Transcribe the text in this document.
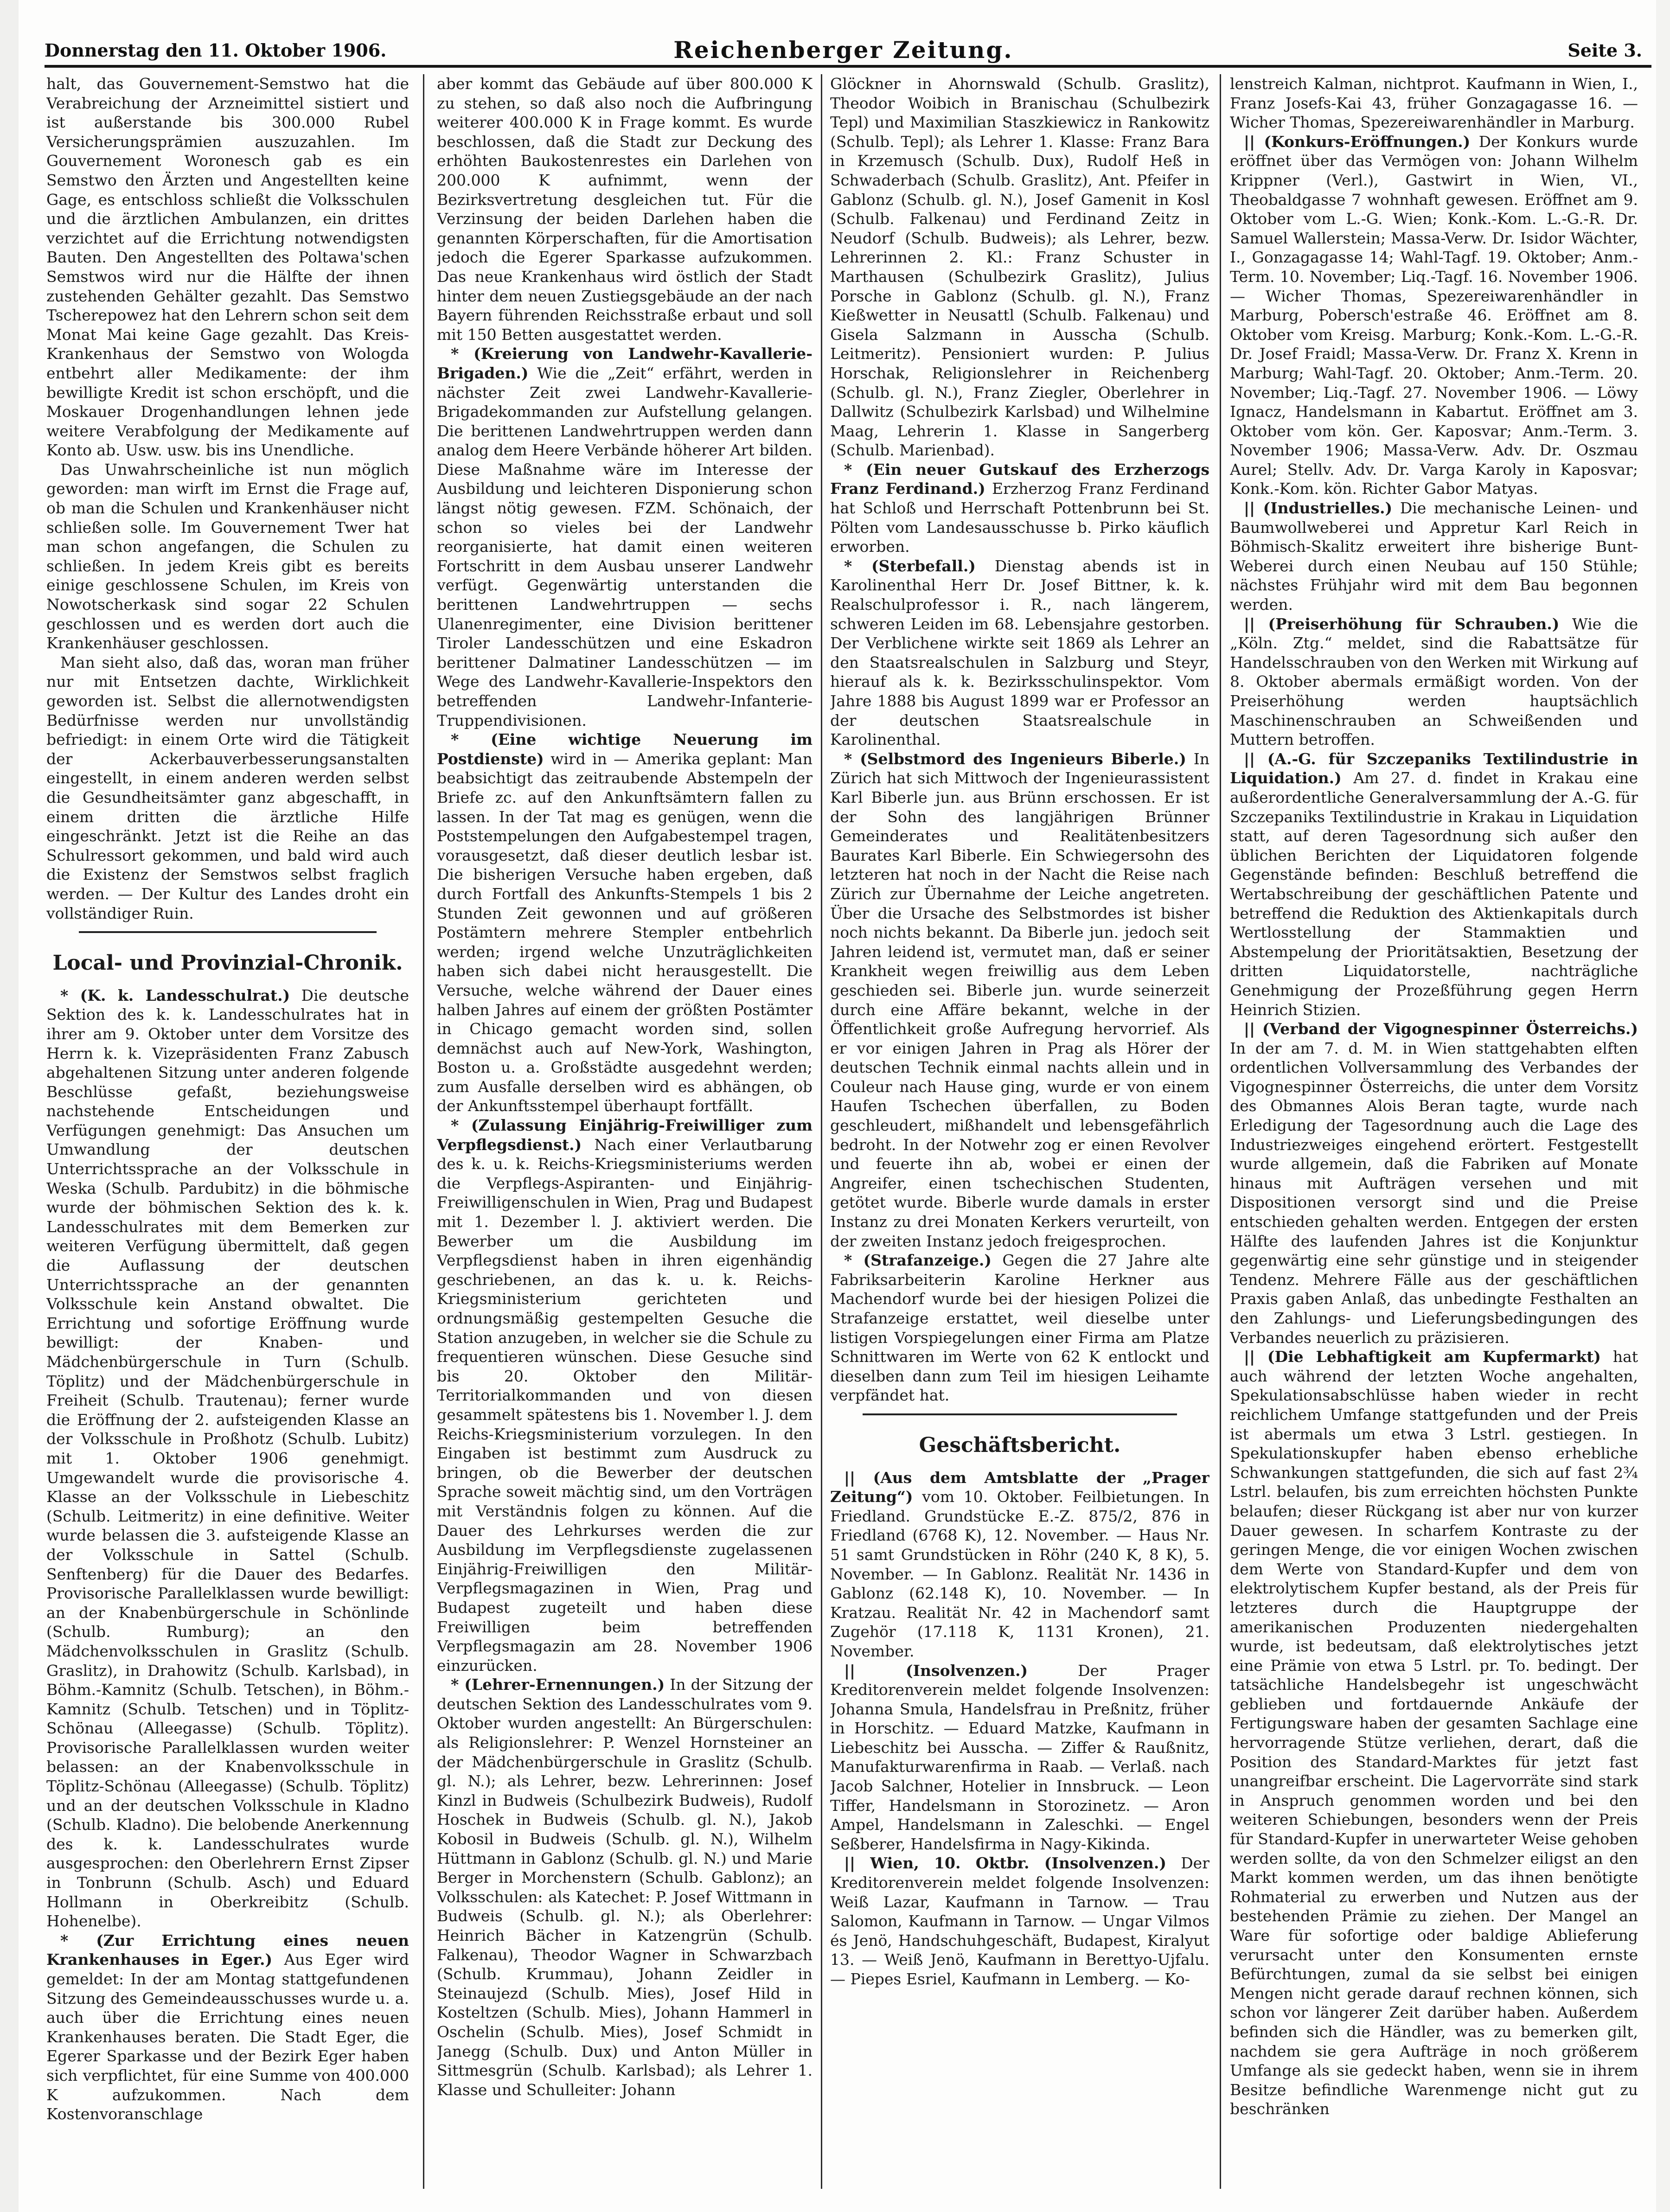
Donnerstag den 11. Oktober 1906.	Reichenberger Zeitung.	Seite 3.

halt, das Gouvernement-Semstwo hat die Verabreichung der Arzneimittel sistiert und ist außerstande bis 300.000 Rubel Versicherungsprämien auszuzahlen. Im Gouvernement Woronesch gab es ein Semstwo den Ärzten und Angestellten keine Gage, es entschloss schließt die Volksschulen und die ärztlichen Ambulanzen, ein drittes verzichtet auf die Errichtung notwendigsten Bauten. Den Angestellten des Poltawa'schen Semstwos wird nur die Hälfte der ihnen zustehenden Gehälter gezahlt. Das Semstwo Tscherepowez hat den Lehrern schon seit dem Monat Mai keine Gage gezahlt. Das Kreis-Krankenhaus der Semstwo von Wologda entbehrt aller Medikamente: der ihm bewilligte Kredit ist schon erschöpft, und die Moskauer Drogenhandlungen lehnen jede weitere Verabfolgung der Medikamente auf Konto ab. Usw. usw. bis ins Unendliche.

Das Unwahrscheinliche ist nun möglich geworden: man wirft im Ernst die Frage auf, ob man die Schulen und Krankenhäuser nicht schließen solle. Im Gouvernement Twer hat man schon angefangen, die Schulen zu schließen. In jedem Kreis gibt es bereits einige geschlossene Schulen, im Kreis von Nowotscherkask sind sogar 22 Schulen geschlossen und es werden dort auch die Krankenhäuser geschlossen.

Man sieht also, daß das, woran man früher nur mit Entsetzen dachte, Wirklichkeit geworden ist. Selbst die allernotwendigsten Bedürfnisse werden nur unvollständig befriedigt: in einem Orte wird die Tätigkeit der Ackerbauverbesserungsanstalten eingestellt, in einem anderen werden selbst die Gesundheitsämter ganz abgeschafft, in einem dritten die ärztliche Hilfe eingeschränkt. Jetzt ist die Reihe an das Schulressort gekommen, und bald wird auch die Existenz der Semstwos selbst fraglich werden. — Der Kultur des Landes droht ein vollständiger Ruin.

Local- und Provinzial-Chronik.

* (K. k. Landesschulrat.) Die deutsche Sektion des k. k. Landesschulrates hat in ihrer am 9. Oktober unter dem Vorsitze des Herrn k. k. Vizepräsidenten Franz Zabusch abgehaltenen Sitzung unter anderen folgende Beschlüsse gefaßt, beziehungsweise nachstehende Entscheidungen und Verfügungen genehmigt: Das Ansuchen um Umwandlung der deutschen Unterrichtssprache an der Volksschule in Weska (Schulb. Pardubitz) in die böhmische wurde der böhmischen Sektion des k. k. Landesschulrates mit dem Bemerken zur weiteren Verfügung übermittelt, daß gegen die Auflassung der deutschen Unterrichtssprache an der genannten Volksschule kein Anstand obwaltet. Die Errichtung und sofortige Eröffnung wurde bewilligt: der Knaben- und Mädchenbürgerschule in Turn (Schulb. Töplitz) und der Mädchenbürgerschule in Freiheit (Schulb. Trautenau); ferner wurde die Eröffnung der 2. aufsteigenden Klasse an der Volksschule in Proßhotz (Schulb. Lubitz) mit 1. Oktober 1906 genehmigt. Umgewandelt wurde die provisorische 4. Klasse an der Volksschule in Liebeschitz (Schulb. Leitmeritz) in eine definitive. Weiter wurde belassen die 3. aufsteigende Klasse an der Volksschule in Sattel (Schulb. Senftenberg) für die Dauer des Bedarfes. Provisorische Parallelklassen wurde bewilligt: an der Knabenbürgerschule in Schönlinde (Schulb. Rumburg); an den Mädchenvolksschulen in Graslitz (Schulb. Graslitz), in Drahowitz (Schulb. Karlsbad), in Böhm.-Kamnitz (Schulb. Tetschen), in Böhm.-Kamnitz (Schulb. Tetschen) und in Töplitz-Schönau (Alleegasse) (Schulb. Töplitz). Provisorische Parallelklassen wurden weiter belassen: an der Knabenvolksschule in Töplitz-Schönau (Alleegasse) (Schulb. Töplitz) und an der deutschen Volksschule in Kladno (Schulb. Kladno). Die belobende Anerkennung des k. k. Landesschulrates wurde ausgesprochen: den Oberlehrern Ernst Zipser in Tonbrunn (Schulb. Asch) und Eduard Hollmann in Oberkreibitz (Schulb. Hohenelbe).

* (Zur Errichtung eines neuen Krankenhauses in Eger.) Aus Eger wird gemeldet: In der am Montag stattgefundenen Sitzung des Gemeindeausschusses wurde u. a. auch über die Errichtung eines neuen Krankenhauses beraten. Die Stadt Eger, die Egerer Sparkasse und der Bezirk Eger haben sich verpflichtet, für eine Summe von 400.000 K aufzukommen. Nach dem Kostenvoranschlage

aber kommt das Gebäude auf über 800.000 K zu stehen, so daß also noch die Aufbringung weiterer 400.000 K in Frage kommt. Es wurde beschlossen, daß die Stadt zur Deckung des erhöhten Baukostenrestes ein Darlehen von 200.000 K aufnimmt, wenn der Bezirksvertretung desgleichen tut. Für die Verzinsung der beiden Darlehen haben die genannten Körperschaften, für die Amortisation jedoch die Egerer Sparkasse aufzukommen. Das neue Krankenhaus wird östlich der Stadt hinter dem neuen Zustiegsgebäude an der nach Bayern führenden Reichsstraße erbaut und soll mit 150 Betten ausgestattet werden.

* (Kreierung von Landwehr-Kavallerie-Brigaden.) Wie die „Zeit“ erfährt, werden in nächster Zeit zwei Landwehr-Kavallerie-Brigadekommanden zur Aufstellung gelangen. Die berittenen Landwehrtruppen werden dann analog dem Heere Verbände höherer Art bilden. Diese Maßnahme wäre im Interesse der Ausbildung und leichteren Disponierung schon längst nötig gewesen. FZM. Schönaich, der schon so vieles bei der Landwehr reorganisierte, hat damit einen weiteren Fortschritt in dem Ausbau unserer Landwehr verfügt. Gegenwärtig unterstanden die berittenen Landwehrtruppen — sechs Ulanenregimenter, eine Division berittener Tiroler Landesschützen und eine Eskadron berittener Dalmatiner Landesschützen — im Wege des Landwehr-Kavallerie-Inspektors den betreffenden Landwehr-Infanterie-Truppendivisionen.

* (Eine wichtige Neuerung im Postdienste) wird in — Amerika geplant: Man beabsichtigt das zeitraubende Abstempeln der Briefe zc. auf den Ankunftsämtern fallen zu lassen. In der Tat mag es genügen, wenn die Poststempelungen den Aufgabestempel tragen, vorausgesetzt, daß dieser deutlich lesbar ist. Die bisherigen Versuche haben ergeben, daß durch Fortfall des Ankunfts-Stempels 1 bis 2 Stunden Zeit gewonnen und auf größeren Postämtern mehrere Stempler entbehrlich werden; irgend welche Unzuträglichkeiten haben sich dabei nicht herausgestellt. Die Versuche, welche während der Dauer eines halben Jahres auf einem der größten Postämter in Chicago gemacht worden sind, sollen demnächst auch auf New-York, Washington, Boston u. a. Großstädte ausgedehnt werden; zum Ausfalle derselben wird es abhängen, ob der Ankunftsstempel überhaupt fortfällt.

* (Zulassung Einjährig-Freiwilliger zum Verpflegsdienst.) Nach einer Verlautbarung des k. u. k. Reichs-Kriegsministeriums werden die Verpflegs-Aspiranten- und Einjährig-Freiwilligenschulen in Wien, Prag und Budapest mit 1. Dezember l. J. aktiviert werden. Die Bewerber um die Ausbildung im Verpflegsdienst haben in ihren eigenhändig geschriebenen, an das k. u. k. Reichs-Kriegsministerium gerichteten und ordnungsmäßig gestempelten Gesuche die Station anzugeben, in welcher sie die Schule zu frequentieren wünschen. Diese Gesuche sind bis 20. Oktober den Militär-Territorialkommanden und von diesen gesammelt spätestens bis 1. November l. J. dem Reichs-Kriegsministerium vorzulegen. In den Eingaben ist bestimmt zum Ausdruck zu bringen, ob die Bewerber der deutschen Sprache soweit mächtig sind, um den Vorträgen mit Verständnis folgen zu können. Auf die Dauer des Lehrkurses werden die zur Ausbildung im Verpflegsdienste zugelassenen Einjährig-Freiwilligen den Militär-Verpflegsmagazinen in Wien, Prag und Budapest zugeteilt und haben diese Freiwilligen beim betreffenden Verpflegsmagazin am 28. November 1906 einzurücken.

* (Lehrer-Ernennungen.) In der Sitzung der deutschen Sektion des Landesschulrates vom 9. Oktober wurden angestellt: An Bürgerschulen: als Religionslehrer: P. Wenzel Hornsteiner an der Mädchenbürgerschule in Graslitz (Schulb. gl. N.); als Lehrer, bezw. Lehrerinnen: Josef Kinzl in Budweis (Schulbezirk Budweis), Rudolf Hoschek in Budweis (Schulb. gl. N.), Jakob Kobosil in Budweis (Schulb. gl. N.), Wilhelm Hüttmann in Gablonz (Schulb. gl. N.) und Marie Berger in Morchenstern (Schulb. Gablonz); an Volksschulen: als Katechet: P. Josef Wittmann in Budweis (Schulb. gl. N.); als Oberlehrer: Heinrich Bächer in Katzengrün (Schulb. Falkenau), Theodor Wagner in Schwarzbach (Schulb. Krummau), Johann Zeidler in Steinaujezd (Schulb. Mies), Josef Hild in Kosteltzen (Schulb. Mies), Johann Hammerl in Oschelin (Schulb. Mies), Josef Schmidt in Janegg (Schulb. Dux) und Anton Müller in Sittmesgrün (Schulb. Karlsbad); als Lehrer 1. Klasse und Schulleiter: Johann

Glöckner in Ahornswald (Schulb. Graslitz), Theodor Woibich in Branischau (Schulbezirk Tepl) und Maximilian Staszkiewicz in Rankowitz (Schulb. Tepl); als Lehrer 1. Klasse: Franz Bara in Krzemusch (Schulb. Dux), Rudolf Heß in Schwaderbach (Schulb. Graslitz), Ant. Pfeifer in Gablonz (Schulb. gl. N.), Josef Gamenit in Kosl (Schulb. Falkenau) und Ferdinand Zeitz in Neudorf (Schulb. Budweis); als Lehrer, bezw. Lehrerinnen 2. Kl.: Franz Schuster in Marthausen (Schulbezirk Graslitz), Julius Porsche in Gablonz (Schulb. gl. N.), Franz Kießwetter in Neusattl (Schulb. Falkenau) und Gisela Salzmann in Ausscha (Schulb. Leitmeritz). Pensioniert wurden: P. Julius Horschak, Religionslehrer in Reichenberg (Schulb. gl. N.), Franz Ziegler, Oberlehrer in Dallwitz (Schulbezirk Karlsbad) und Wilhelmine Maag, Lehrerin 1. Klasse in Sangerberg (Schulb. Marienbad).

* (Ein neuer Gutskauf des Erzherzogs Franz Ferdinand.) Erzherzog Franz Ferdinand hat Schloß und Herrschaft Pottenbrunn bei St. Pölten vom Landesausschusse b. Pirko käuflich erworben.

* (Sterbefall.) Dienstag abends ist in Karolinenthal Herr Dr. Josef Bittner, k. k. Realschulprofessor i. R., nach längerem, schweren Leiden im 68. Lebensjahre gestorben. Der Verblichene wirkte seit 1869 als Lehrer an den Staatsrealschulen in Salzburg und Steyr, hierauf als k. k. Bezirksschulinspektor. Vom Jahre 1888 bis August 1899 war er Professor an der deutschen Staatsrealschule in Karolinenthal.

* (Selbstmord des Ingenieurs Biberle.) In Zürich hat sich Mittwoch der Ingenieurassistent Karl Biberle jun. aus Brünn erschossen. Er ist der Sohn des langjährigen Brünner Gemeinderates und Realitätenbesitzers Baurates Karl Biberle. Ein Schwiegersohn des letzteren hat noch in der Nacht die Reise nach Zürich zur Übernahme der Leiche angetreten. Über die Ursache des Selbstmordes ist bisher noch nichts bekannt. Da Biberle jun. jedoch seit Jahren leidend ist, vermutet man, daß er seiner Krankheit wegen freiwillig aus dem Leben geschieden sei. Biberle jun. wurde seinerzeit durch eine Affäre bekannt, welche in der Öffentlichkeit große Aufregung hervorrief. Als er vor einigen Jahren in Prag als Hörer der deutschen Technik einmal nachts allein und in Couleur nach Hause ging, wurde er von einem Haufen Tschechen überfallen, zu Boden geschleudert, mißhandelt und lebensgefährlich bedroht. In der Notwehr zog er einen Revolver und feuerte ihn ab, wobei er einen der Angreifer, einen tschechischen Studenten, getötet wurde. Biberle wurde damals in erster Instanz zu drei Monaten Kerkers verurteilt, von der zweiten Instanz jedoch freigesprochen.

* (Strafanzeige.) Gegen die 27 Jahre alte Fabriksarbeiterin Karoline Herkner aus Machendorf wurde bei der hiesigen Polizei die Strafanzeige erstattet, weil dieselbe unter listigen Vorspiegelungen einer Firma am Platze Schnittwaren im Werte von 62 K entlockt und dieselben dann zum Teil im hiesigen Leihamte verpfändet hat.

Geschäftsbericht.

|| (Aus dem Amtsblatte der „Prager Zeitung“) vom 10. Oktober. Feilbietungen. In Friedland. Grundstücke E.-Z. 875/2, 876 in Friedland (6768 K), 12. November. — Haus Nr. 51 samt Grundstücken in Röhr (240 K, 8 K), 5. November. — In Gablonz. Realität Nr. 1436 in Gablonz (62.148 K), 10. November. — In Kratzau. Realität Nr. 42 in Machendorf samt Zugehör (17.118 K, 1131 Kronen), 21. November.

|| (Insolvenzen.) Der Prager Kreditorenverein meldet folgende Insolvenzen: Johanna Smula, Handelsfrau in Preßnitz, früher in Horschitz. — Eduard Matzke, Kaufmann in Liebeschitz bei Ausscha. — Ziffer & Raußnitz, Manufakturwarenfirma in Raab. — Verlaß. nach Jacob Salchner, Hotelier in Innsbruck. — Leon Tiffer, Handelsmann in Storozinetz. — Aron Ampel, Handelsmann in Zaleschki. — Engel Seßberer, Handelsfirma in Nagy-Kikinda.

|| Wien, 10. Oktbr. (Insolvenzen.) Der Kreditorenverein meldet folgende Insolvenzen: Weiß Lazar, Kaufmann in Tarnow. — Trau Salomon, Kaufmann in Tarnow. — Ungar Vilmos és Jenö, Handschuhgeschäft, Budapest, Kiralyut 13. — Weiß Jenö, Kaufmann in Berettyo-Ujfalu. — Piepes Esriel, Kaufmann in Lemberg. — Ko-

lenstreich Kalman, nichtprot. Kaufmann in Wien, I., Franz Josefs-Kai 43, früher Gonzagagasse 16. — Wicher Thomas, Spezereiwarenhändler in Marburg.

|| (Konkurs-Eröffnungen.) Der Konkurs wurde eröffnet über das Vermögen von: Johann Wilhelm Krippner (Verl.), Gastwirt in Wien, VI., Theobaldgasse 7 wohnhaft gewesen. Eröffnet am 9. Oktober vom L.-G. Wien; Konk.-Kom. L.-G.-R. Dr. Samuel Wallerstein; Massa-Verw. Dr. Isidor Wächter, I., Gonzagagasse 14; Wahl-Tagf. 19. Oktober; Anm.-Term. 10. November; Liq.-Tagf. 16. November 1906. — Wicher Thomas, Spezereiwarenhändler in Marburg, Pobersch'estraße 46. Eröffnet am 8. Oktober vom Kreisg. Marburg; Konk.-Kom. L.-G.-R. Dr. Josef Fraidl; Massa-Verw. Dr. Franz X. Krenn in Marburg; Wahl-Tagf. 20. Oktober; Anm.-Term. 20. November; Liq.-Tagf. 27. November 1906. — Löwy Ignacz, Handelsmann in Kabartut. Eröffnet am 3. Oktober vom kön. Ger. Kaposvar; Anm.-Term. 3. November 1906; Massa-Verw. Adv. Dr. Oszmau Aurel; Stellv. Adv. Dr. Varga Karoly in Kaposvar; Konk.-Kom. kön. Richter Gabor Matyas.

|| (Industrielles.) Die mechanische Leinen- und Baumwollweberei und Appretur Karl Reich in Böhmisch-Skalitz erweitert ihre bisherige Bunt-Weberei durch einen Neubau auf 150 Stühle; nächstes Frühjahr wird mit dem Bau begonnen werden.

|| (Preiserhöhung für Schrauben.) Wie die „Köln. Ztg.“ meldet, sind die Rabattsätze für Handelsschrauben von den Werken mit Wirkung auf 8. Oktober abermals ermäßigt worden. Von der Preiserhöhung werden hauptsächlich Maschinenschrauben an Schweißenden und Muttern betroffen.

|| (A.-G. für Szczepaniks Textilindustrie in Liquidation.) Am 27. d. findet in Krakau eine außerordentliche Generalversammlung der A.-G. für Szczepaniks Textilindustrie in Krakau in Liquidation statt, auf deren Tagesordnung sich außer den üblichen Berichten der Liquidatoren folgende Gegenstände befinden: Beschluß betreffend die Wertabschreibung der geschäftlichen Patente und betreffend die Reduktion des Aktienkapitals durch Wertlosstellung der Stammaktien und Abstempelung der Prioritätsaktien, Besetzung der dritten Liquidatorstelle, nachträgliche Genehmigung der Prozeßführung gegen Herrn Heinrich Stizien.

|| (Verband der Vigognespinner Österreichs.) In der am 7. d. M. in Wien stattgehabten elften ordentlichen Vollversammlung des Verbandes der Vigognespinner Österreichs, die unter dem Vorsitz des Obmannes Alois Beran tagte, wurde nach Erledigung der Tagesordnung auch die Lage des Industriezweiges eingehend erörtert. Festgestellt wurde allgemein, daß die Fabriken auf Monate hinaus mit Aufträgen versehen und mit Dispositionen versorgt sind und die Preise entschieden gehalten werden. Entgegen der ersten Hälfte des laufenden Jahres ist die Konjunktur gegenwärtig eine sehr günstige und in steigender Tendenz. Mehrere Fälle aus der geschäftlichen Praxis gaben Anlaß, das unbedingte Festhalten an den Zahlungs- und Lieferungsbedingungen des Verbandes neuerlich zu präzisieren.

|| (Die Lebhaftigkeit am Kupfermarkt) hat auch während der letzten Woche angehalten, Spekulationsabschlüsse haben wieder in recht reichlichem Umfange stattgefunden und der Preis ist abermals um etwa 3 Lstrl. gestiegen. In Spekulationskupfer haben ebenso erhebliche Schwankungen stattgefunden, die sich auf fast 2¾ Lstrl. belaufen, bis zum erreichten höchsten Punkte belaufen; dieser Rückgang ist aber nur von kurzer Dauer gewesen. In scharfem Kontraste zu der geringen Menge, die vor einigen Wochen zwischen dem Werte von Standard-Kupfer und dem von elektrolytischem Kupfer bestand, als der Preis für letzteres durch die Hauptgruppe der amerikanischen Produzenten niedergehalten wurde, ist bedeutsam, daß elektrolytisches jetzt eine Prämie von etwa 5 Lstrl. pr. To. bedingt. Der tatsächliche Handelsbegehr ist ungeschwächt geblieben und fortdauernde Ankäufe der Fertigungsware haben der gesamten Sachlage eine hervorragende Stütze verliehen, derart, daß die Position des Standard-Marktes für jetzt fast unangreifbar erscheint. Die Lagervorräte sind stark in Anspruch genommen worden und bei den weiteren Schiebungen, besonders wenn der Preis für Standard-Kupfer in unerwarteter Weise gehoben werden sollte, da von den Schmelzer eiligst an den Markt kommen werden, um das ihnen benötigte Rohmaterial zu erwerben und Nutzen aus der bestehenden Prämie zu ziehen. Der Mangel an Ware für sofortige oder baldige Ablieferung verursacht unter den Konsumenten ernste Befürchtungen, zumal da sie selbst bei einigen Mengen nicht gerade darauf rechnen können, sich schon vor längerer Zeit darüber haben. Außerdem befinden sich die Händler, was zu bemerken gilt, nachdem sie gera Aufträge in noch größerem Umfange als sie gedeckt haben, wenn sie in ihrem Besitze befindliche Warenmenge nicht gut zu beschränken
